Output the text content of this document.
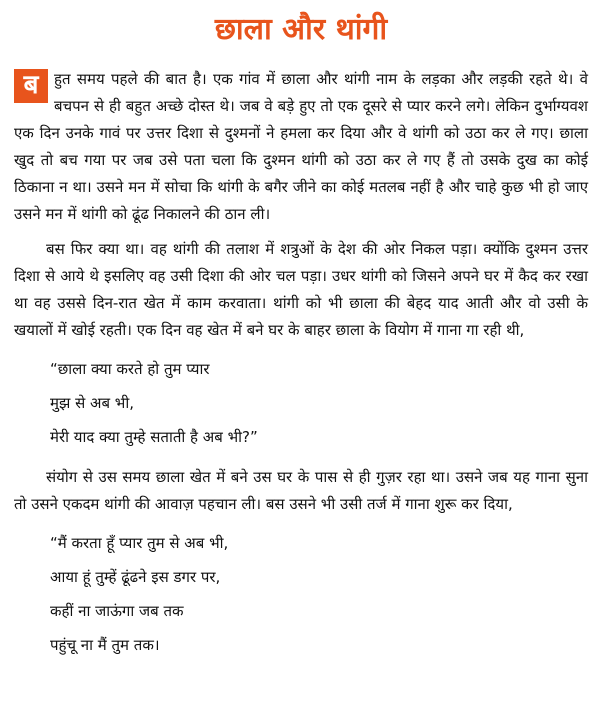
छाला और थांगी

ब	हुत समय पहले की बात है। एक गांव में छाला और थांगी नाम के लड़का और लड़की रहते थे। वे बचपन से ही बहुत अच्छे दोस्त थे। जब वे बड़े हुए तो एक दूसरे से प्यार करने लगे। लेकिन दुर्भाग्यवश एक दिन उनके गावं पर उत्तर दिशा से दुश्मनों ने हमला कर दिया और वे थांगी को उठा कर ले गए। छाला खुद तो बच गया पर जब उसे पता चला कि दुश्मन थांगी को उठा कर ले गए हैं तो उसके दुख का कोई ठिकाना न था। उसने मन में सोचा कि थांगी के बगैर जीने का कोई मतलब नहीं है और चाहे कुछ भी हो जाए उसने मन में थांगी को ढूंढ निकालने की ठान ली।

बस फिर क्या था। वह थांगी की तलाश में शत्रुओं के देश की ओर निकल पड़ा। क्योंकि दुश्मन उत्तर दिशा से आये थे इसलिए वह उसी दिशा की ओर चल पड़ा। उधर थांगी को जिसने अपने घर में कैद कर रखा था वह उससे दिन-रात खेत में काम करवाता। थांगी को भी छाला की बेहद याद आती और वो उसी के खयालों में खोई रहती। एक दिन वह खेत में बने घर के बाहर छाला के वियोग में गाना गा रही थी,

“छाला क्या करते हो तुम प्यार

मुझ से अब भी,

मेरी याद क्या तुम्हे सताती है अब भी?”

संयोग से उस समय छाला खेत में बने उस घर के पास से ही गुज़र रहा था। उसने जब यह गाना सुना तो उसने एकदम थांगी की आवाज़ पहचान ली। बस उसने भी उसी तर्ज में गाना शुरू कर दिया,

“मैं करता हूँ प्यार तुम से अब भी,

आया हूं तुम्हें ढूंढने इस डगर पर,

कहीं ना जाऊंगा जब तक

पहुंचू ना मैं तुम तक।
